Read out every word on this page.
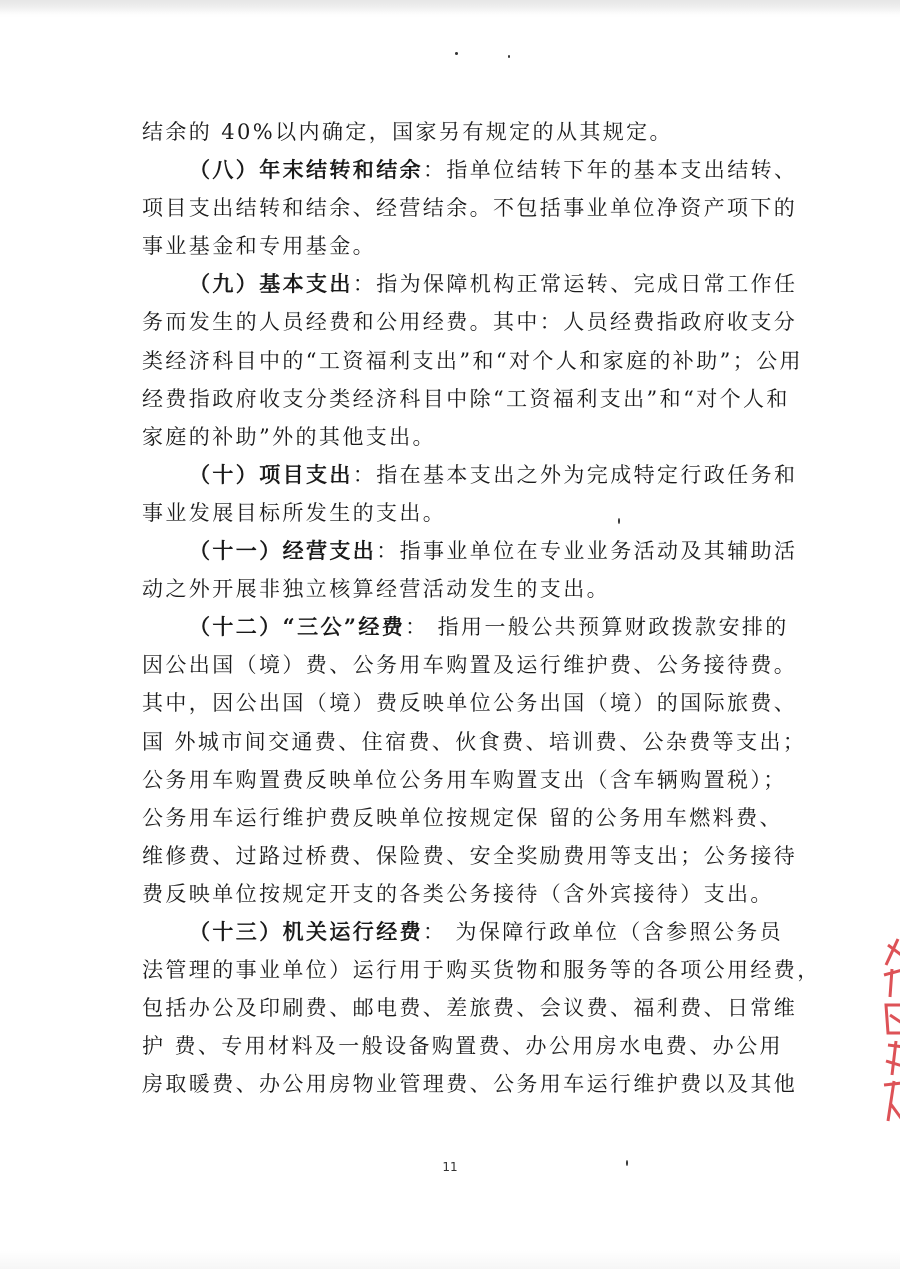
结余的 40%以内确定，国家另有规定的从其规定。
（八）年末结转和结余：指单位结转下年的基本支出结转、
项目支出结转和结余、经营结余。不包括事业单位净资产项下的
事业基金和专用基金。
（九）基本支出：指为保障机构正常运转、完成日常工作任
务而发生的人员经费和公用经费。其中：人员经费指政府收支分
类经济科目中的“工资福利支出”和“对个人和家庭的补助”；公用
经费指政府收支分类经济科目中除“工资福利支出”和“对个人和
家庭的补助”外的其他支出。
（十）项目支出：指在基本支出之外为完成特定行政任务和
事业发展目标所发生的支出。
（十一）经营支出：指事业单位在专业业务活动及其辅助活
动之外开展非独立核算经营活动发生的支出。
（十二）“三公”经费： 指用一般公共预算财政拨款安排的
因公出国（境）费、公务用车购置及运行维护费、公务接待费。
其中，因公出国（境）费反映单位公务出国（境）的国际旅费、
国 外城市间交通费、住宿费、伙食费、培训费、公杂费等支出；
公务用车购置费反映单位公务用车购置支出（含车辆购置税）；
公务用车运行维护费反映单位按规定保 留的公务用车燃料费、
维修费、过路过桥费、保险费、安全奖励费用等支出；公务接待
费反映单位按规定开支的各类公务接待（含外宾接待）支出。
（十三）机关运行经费： 为保障行政单位（含参照公务员
法管理的事业单位）运行用于购买货物和服务等的各项公用经费，
包括办公及印刷费、邮电费、差旅费、会议费、福利费、日常维
护 费、专用材料及一般设备购置费、办公用房水电费、办公用
房取暖费、办公用房物业管理费、公务用车运行维护费以及其他
11
